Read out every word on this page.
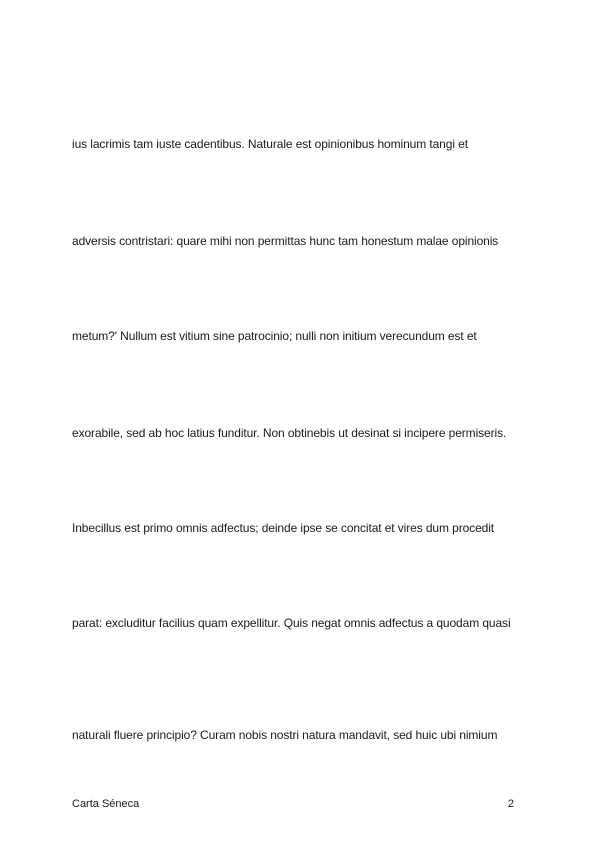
ius lacrimis tam iuste cadentibus. Naturale est opinionibus hominum tangi et
adversis contristari: quare mihi non permittas hunc tam honestum malae opinionis
metum?' Nullum est vitium sine patrocinio; nulli non initium verecundum est et
exorabile, sed ab hoc latius funditur. Non obtinebis ut desinat si incipere permiseris.
Inbecillus est primo omnis adfectus; deinde ipse se concitat et vires dum procedit
parat: excluditur facilius quam expellitur. Quis negat omnis adfectus a quodam quasi
naturali fluere principio? Curam nobis nostri natura mandavit, sed huic ubi nimium
Carta Séneca	2
